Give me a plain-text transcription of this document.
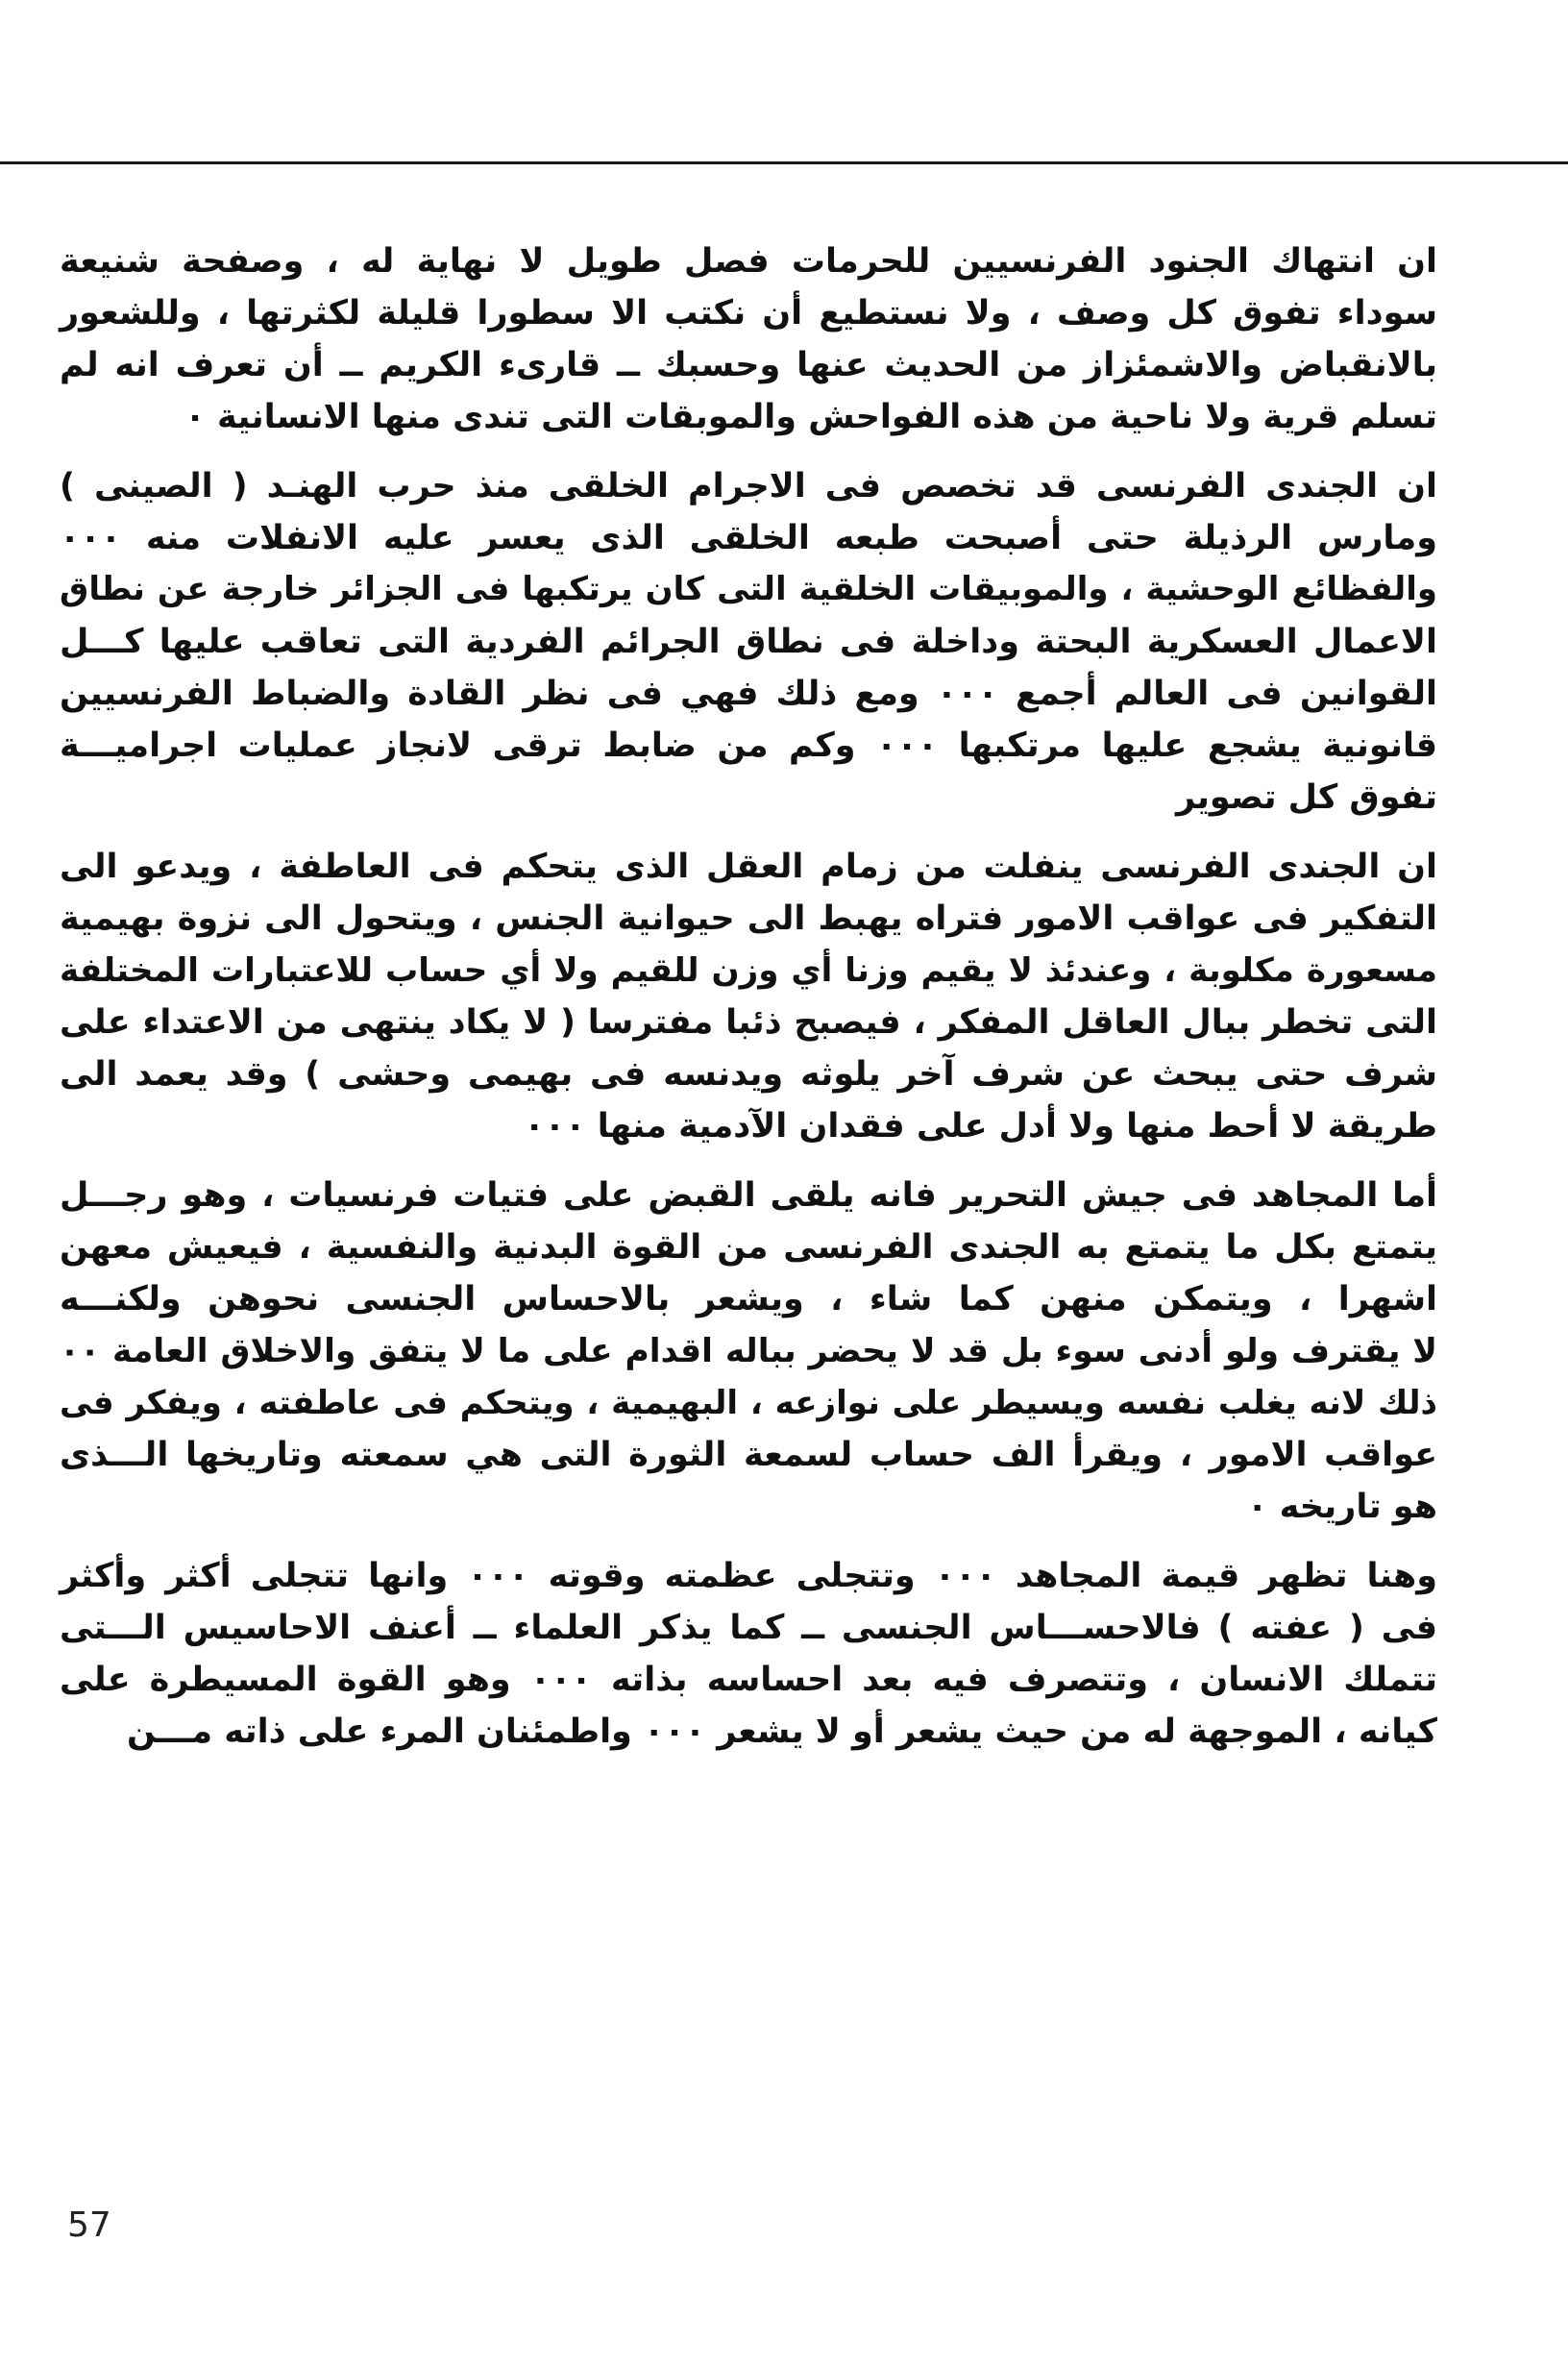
ان انتهاك الجنود الفرنسيين للحرمات فصل طويل لا نهاية له ، وصفحة شنيعة
سوداء تفوق كل وصف ، ولا نستطيع أن نكتب الا سطورا قليلة لكثرتها ، وللشعور
بالانقباض والاشمئزاز من الحديث عنها وحسبك ــ قارىء الكريم ــ أن تعرف انه لم
تسلم قرية ولا ناحية من هذه الفواحش والموبقات التى تندى منها الانسانية ٠
ان الجندى الفرنسى قد تخصص فى الاجرام الخلقى منذ حرب الهنـد ( الصينى )
ومارس الرذيلة حتى أصبحت طبعه الخلقى الذى يعسر عليه الانفلات منه ٠٠٠
والفظائع الوحشية ، والموبيقات الخلقية التى كان يرتكبها فى الجزائر خارجة عن نطاق
الاعمال العسكرية البحتة وداخلة فى نطاق الجرائم الفردية التى تعاقب عليها كـــل
القوانين فى العالم أجمع ٠٠٠ ومع ذلك فهي فى نظر القادة والضباط الفرنسيين
قانونية يشجع عليها مرتكبها ٠٠٠ وكم من ضابط ترقى لانجاز عمليات اجراميـــة
تفوق كل تصوير
ان الجندى الفرنسى ينفلت من زمام العقل الذى يتحكم فى العاطفة ، ويدعو الى
التفكير فى عواقب الامور فتراه يهبط الى حيوانية الجنس ، ويتحول الى نزوة بهيمية
مسعورة مكلوبة ، وعندئذ لا يقيم وزنا أي وزن للقيم ولا أي حساب للاعتبارات المختلفة
التى تخطر ببال العاقل المفكر ، فيصبح ذئبا مفترسا ( لا يكاد ينتهى من الاعتداء على
شرف حتى يبحث عن شرف آخر يلوثه ويدنسه فى بهيمى وحشى ) وقد يعمد الى
طريقة لا أحط منها ولا أدل على فقدان الآدمية منها ٠٠٠
أما المجاهد فى جيش التحرير فانه يلقى القبض على فتيات فرنسيات ، وهو رجـــل
يتمتع بكل ما يتمتع به الجندى الفرنسى من القوة البدنية والنفسية ، فيعيش معهن
اشهرا ، ويتمكن منهن كما شاء ، ويشعر بالاحساس الجنسى نحوهن ولكنـــه
لا يقترف ولو أدنى سوء بل قد لا يحضر بباله اقدام على ما لا يتفق والاخلاق العامة ٠٠
ذلك لانه يغلب نفسه ويسيطر على نوازعه ، البهيمية ، ويتحكم فى عاطفته ، ويفكر فى
عواقب الامور ، ويقرأ الف حساب لسمعة الثورة التى هي سمعته وتاريخها الـــذى
هو تاريخه ٠
وهنا تظهر قيمة المجاهد ٠٠٠ وتتجلى عظمته وقوته ٠٠٠ وانها تتجلى أكثر وأكثر
فى ( عفته ) فالاحســـاس الجنسى ــ كما يذكر العلماء ــ أعنف الاحاسيس الـــتى
تتملك الانسان ، وتتصرف فيه بعد احساسه بذاته ٠٠٠ وهو القوة المسيطرة على
كيانه ، الموجهة له من حيث يشعر أو لا يشعر ٠٠٠ واطمئنان المرء على ذاته مـــن
57
